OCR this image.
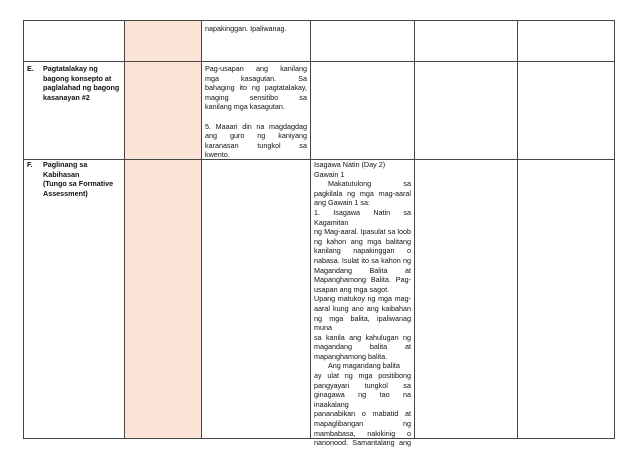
napakinggan. Ipaliwanag.
E.	Pagtatalakay ng
bagong konsepto at
paglalahad ng bagong
kasanayan #2
Pag-usapan ang kanilang
mga kasagutan. Sa
bahaging ito ng pagtatalakay,
maging sensitibo sa
kanilang mga kasagutan.
5. Maaari din na magdagdag
ang guro ng kaniyang
karanasan tungkol sa
kwento.
F.	Paglinang sa
Kabihasan
(Tungo sa Formative
Assessment)
Isagawa Natin (Day 2)
Gawain 1
Makatutulong sa
pagkilala ng mga mag-aaral
ang Gawain 1 sa:
1. Isagawa Natin sa Kagamitan
ng Mag-aaral. Ipasulat sa loob
ng kahon ang mga balitang
kanilang napakinggan o
nabasa. Isulat ito sa kahon ng
Magandang Balita at
Mapanghamong Balita. Pag-
usapan ang mga sagot.
Upang matukoy ng mga mag-
aaral kung ano ang kaibahan
ng mga balita, ipaliwanag muna
sa kanila ang kahulugan ng
magandang balita at
mapanghamong balita.
Ang magandang balita
ay ulat ng mga positibong
pangyayari tungkol sa
ginagawa ng tao na inaakalang
pananabikan o mabatid at
mapaglibangan ng
mambabasa, nakikinig o
nanonood. Samantalang ang
